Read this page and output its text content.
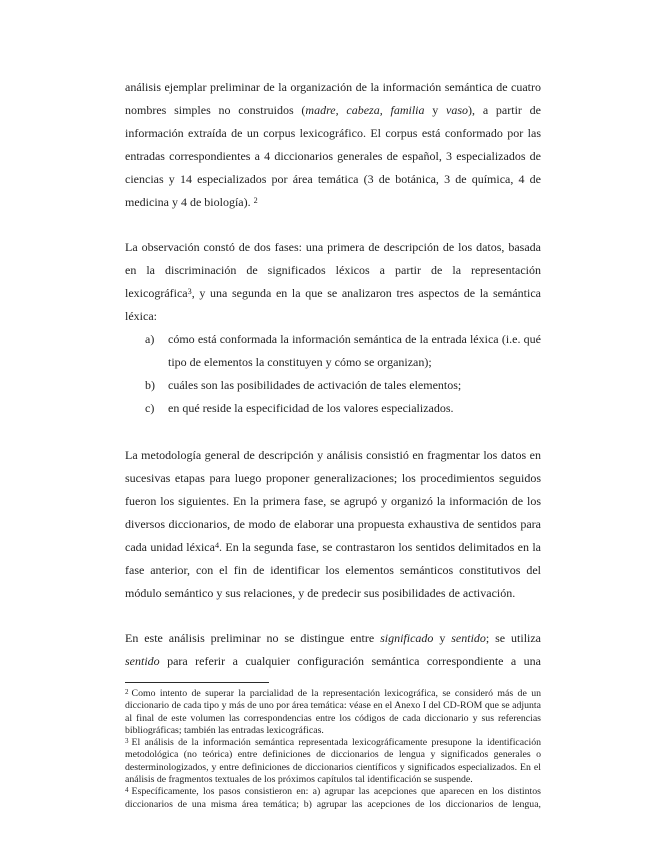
análisis ejemplar preliminar de la organización de la información semántica de cuatro nombres simples no construidos (madre, cabeza, familia y vaso), a partir de información extraída de un corpus lexicográfico. El corpus está conformado por las entradas correspondientes a 4 diccionarios generales de español, 3 especializados de ciencias y 14 especializados por área temática (3 de botánica, 3 de química, 4 de medicina y 4 de biología). $^2$

La observación constó de dos fases: una primera de descripción de los datos, basada en la discriminación de significados léxicos a partir de la representación lexicográfica$^3$, y una segunda en la que se analizaron tres aspectos de la semántica léxica:

a)	cómo está conformada la información semántica de la entrada léxica (i.e. qué tipo de elementos la constituyen y cómo se organizan);
b)	cuáles son las posibilidades de activación de tales elementos;
c)	en qué reside la especificidad de los valores especializados.

La metodología general de descripción y análisis consistió en fragmentar los datos en sucesivas etapas para luego proponer generalizaciones; los procedimientos seguidos fueron los siguientes. En la primera fase, se agrupó y organizó la información de los diversos diccionarios, de modo de elaborar una propuesta exhaustiva de sentidos para cada unidad léxica$^4$. En la segunda fase, se contrastaron los sentidos delimitados en la fase anterior, con el fin de identificar los elementos semánticos constitutivos del módulo semántico y sus relaciones, y de predecir sus posibilidades de activación.

En este análisis preliminar no se distingue entre significado y sentido; se utiliza sentido para referir a cualquier configuración semántica correspondiente a una

$^2$ Como intento de superar la parcialidad de la representación lexicográfica, se consideró más de un diccionario de cada tipo y más de uno por área temática: véase en el Anexo I del CD-ROM que se adjunta al final de este volumen las correspondencias entre los códigos de cada diccionario y sus referencias bibliográficas; también las entradas lexicográficas.

$^3$ El análisis de la información semántica representada lexicográficamente presupone la identificación metodológica (no teórica) entre definiciones de diccionarios de lengua y significados generales o desterminologizados, y entre definiciones de diccionarios científicos y significados especializados. En el análisis de fragmentos textuales de los próximos capítulos tal identificación se suspende.

$^4$ Específicamente, los pasos consistieron en: a) agrupar las acepciones que aparecen en los distintos diccionarios de una misma área temática; b) agrupar las acepciones de los diccionarios de lengua,
